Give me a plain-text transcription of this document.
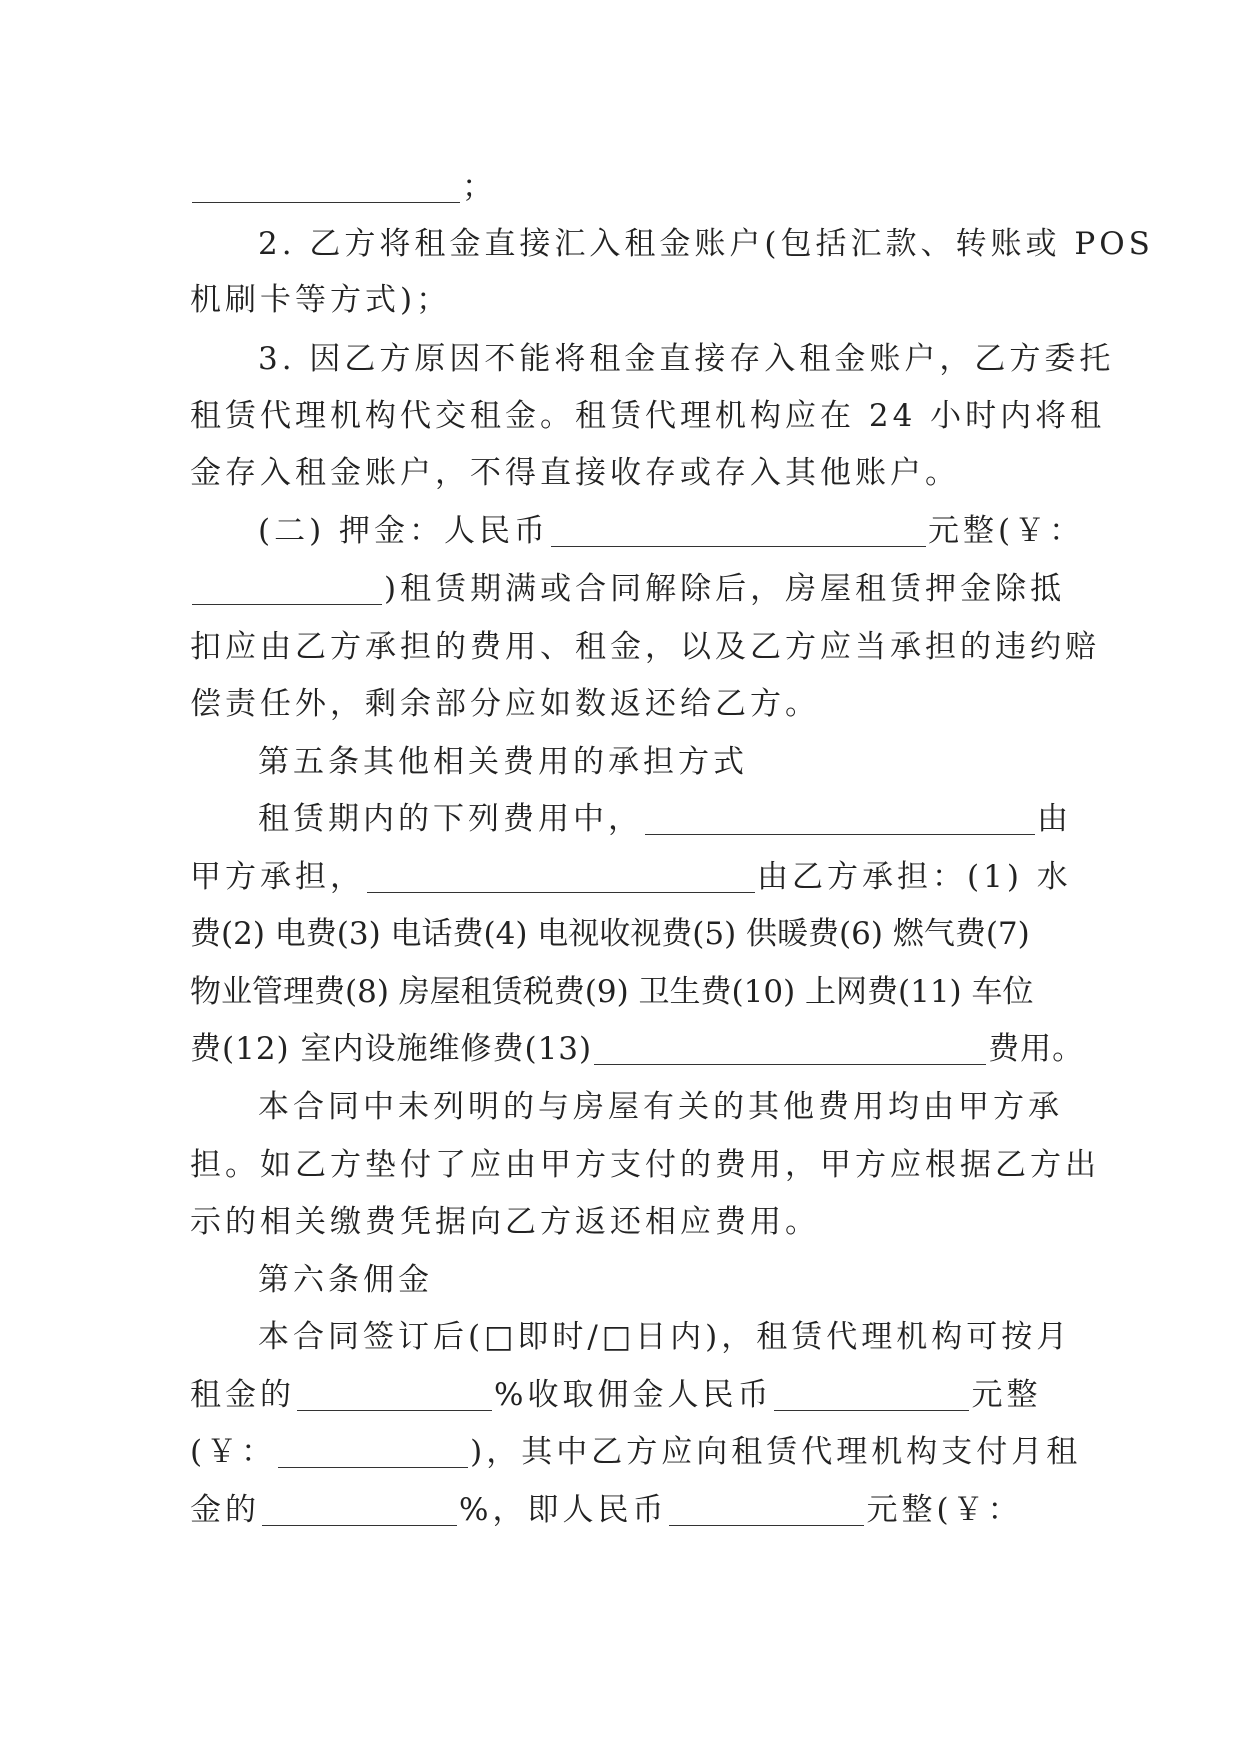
；
2. 乙方将租金直接汇入租金账户(包括汇款、转账或 POS
机刷卡等方式)；
3. 因乙方原因不能将租金直接存入租金账户，乙方委托
租赁代理机构代交租金。租赁代理机构应在 24 小时内将租
金存入租金账户，不得直接收存或存入其他账户。
(二) 押金：人民币	元整(￥：
)租赁期满或合同解除后，房屋租赁押金除抵
扣应由乙方承担的费用、租金，以及乙方应当承担的违约赔
偿责任外，剩余部分应如数返还给乙方。
第五条其他相关费用的承担方式
租赁期内的下列费用中，	由
甲方承担，	由乙方承担：(1) 水
费(2) 电费(3) 电话费(4) 电视收视费(5) 供暖费(6) 燃气费(7)
物业管理费(8) 房屋租赁税费(9) 卫生费(10) 上网费(11) 车位
费(12) 室内设施维修费(13)	费用。
本合同中未列明的与房屋有关的其他费用均由甲方承
担。如乙方垫付了应由甲方支付的费用，甲方应根据乙方出
示的相关缴费凭据向乙方返还相应费用。
第六条佣金
本合同签订后(□即时/□日内)，租赁代理机构可按月
租金的	%收取佣金人民币	元整
(￥：	)，其中乙方应向租赁代理机构支付月租
金的	%，即人民币	元整(￥：
